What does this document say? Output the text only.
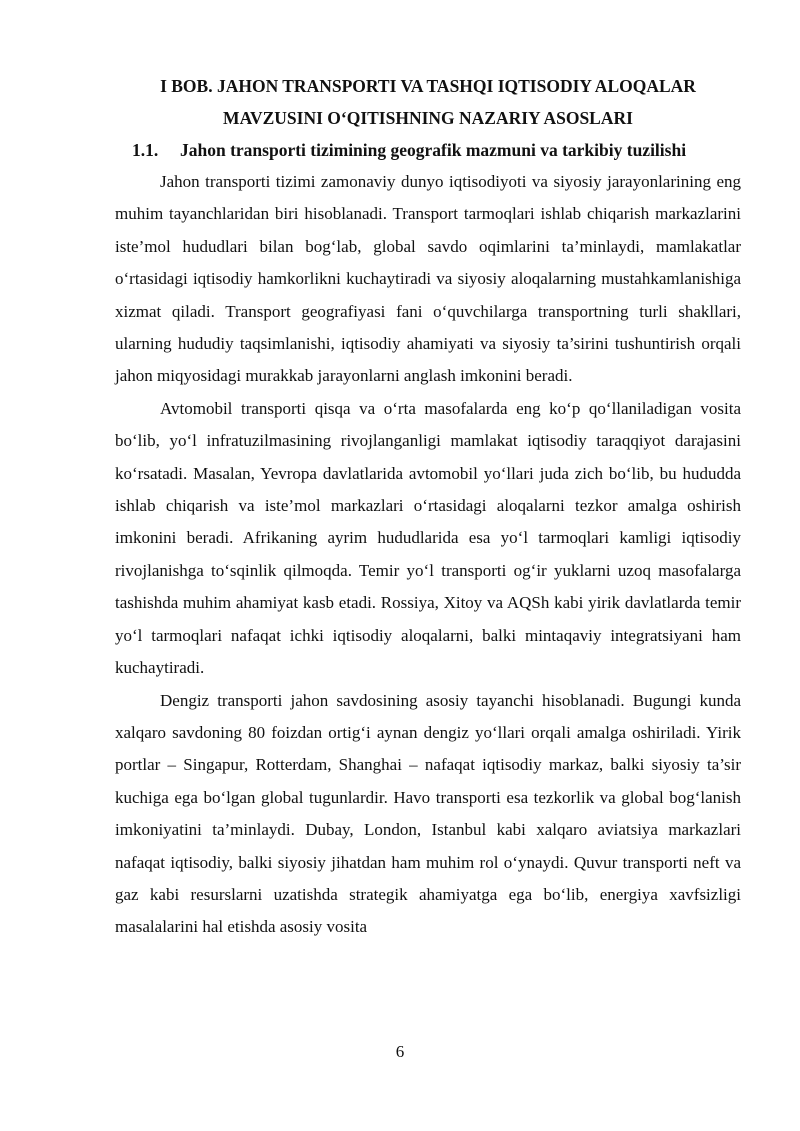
I BOB. JAHON TRANSPORTI VA TASHQI IQTISODIY ALOQALAR
MAVZUSINI O‘QITISHNING NAZARIY ASOSLARI

1.1. Jahon transporti tizimining geografik mazmuni va tarkibiy tuzilishi

Jahon transporti tizimi zamonaviy dunyo iqtisodiyoti va siyosiy jarayonlarining eng muhim tayanchlaridan biri hisoblanadi. Transport tarmoqlari ishlab chiqarish markazlarini iste’mol hududlari bilan bog‘lab, global savdo oqimlarini ta’minlaydi, mamlakatlar o‘rtasidagi iqtisodiy hamkorlikni kuchaytiradi va siyosiy aloqalarning mustahkamlanishiga xizmat qiladi. Transport geografiyasi fani o‘quvchilarga transportning turli shakllari, ularning hududiy taqsimlanishi, iqtisodiy ahamiyati va siyosiy ta’sirini tushuntirish orqali jahon miqyosidagi murakkab jarayonlarni anglash imkonini beradi.

Avtomobil transporti qisqa va o‘rta masofalarda eng ko‘p qo‘llaniladigan vosita bo‘lib, yo‘l infratuzilmasining rivojlanganligi mamlakat iqtisodiy taraqqiyot darajasini ko‘rsatadi. Masalan, Yevropa davlatlarida avtomobil yo‘llari juda zich bo‘lib, bu hududda ishlab chiqarish va iste’mol markazlari o‘rtasidagi aloqalarni tezkor amalga oshirish imkonini beradi. Afrikaning ayrim hududlarida esa yo‘l tarmoqlari kamligi iqtisodiy rivojlanishga to‘sqinlik qilmoqda. Temir yo‘l transporti og‘ir yuklarni uzoq masofalarga tashishda muhim ahamiyat kasb etadi. Rossiya, Xitoy va AQSh kabi yirik davlatlarda temir yo‘l tarmoqlari nafaqat ichki iqtisodiy aloqalarni, balki mintaqaviy integratsiyani ham kuchaytiradi.

Dengiz transporti jahon savdosining asosiy tayanchi hisoblanadi. Bugungi kunda xalqaro savdoning 80 foizdan ortig‘i aynan dengiz yo‘llari orqali amalga oshiriladi. Yirik portlar – Singapur, Rotterdam, Shanghai – nafaqat iqtisodiy markaz, balki siyosiy ta’sir kuchiga ega bo‘lgan global tugunlardir. Havo transporti esa tezkorlik va global bog‘lanish imkoniyatini ta’minlaydi. Dubay, London, Istanbul kabi xalqaro aviatsiya markazlari nafaqat iqtisodiy, balki siyosiy jihatdan ham muhim rol o‘ynaydi. Quvur transporti neft va gaz kabi resurslarni uzatishda strategik ahamiyatga ega bo‘lib, energiya xavfsizligi masalalarini hal etishda asosiy vosita

6
